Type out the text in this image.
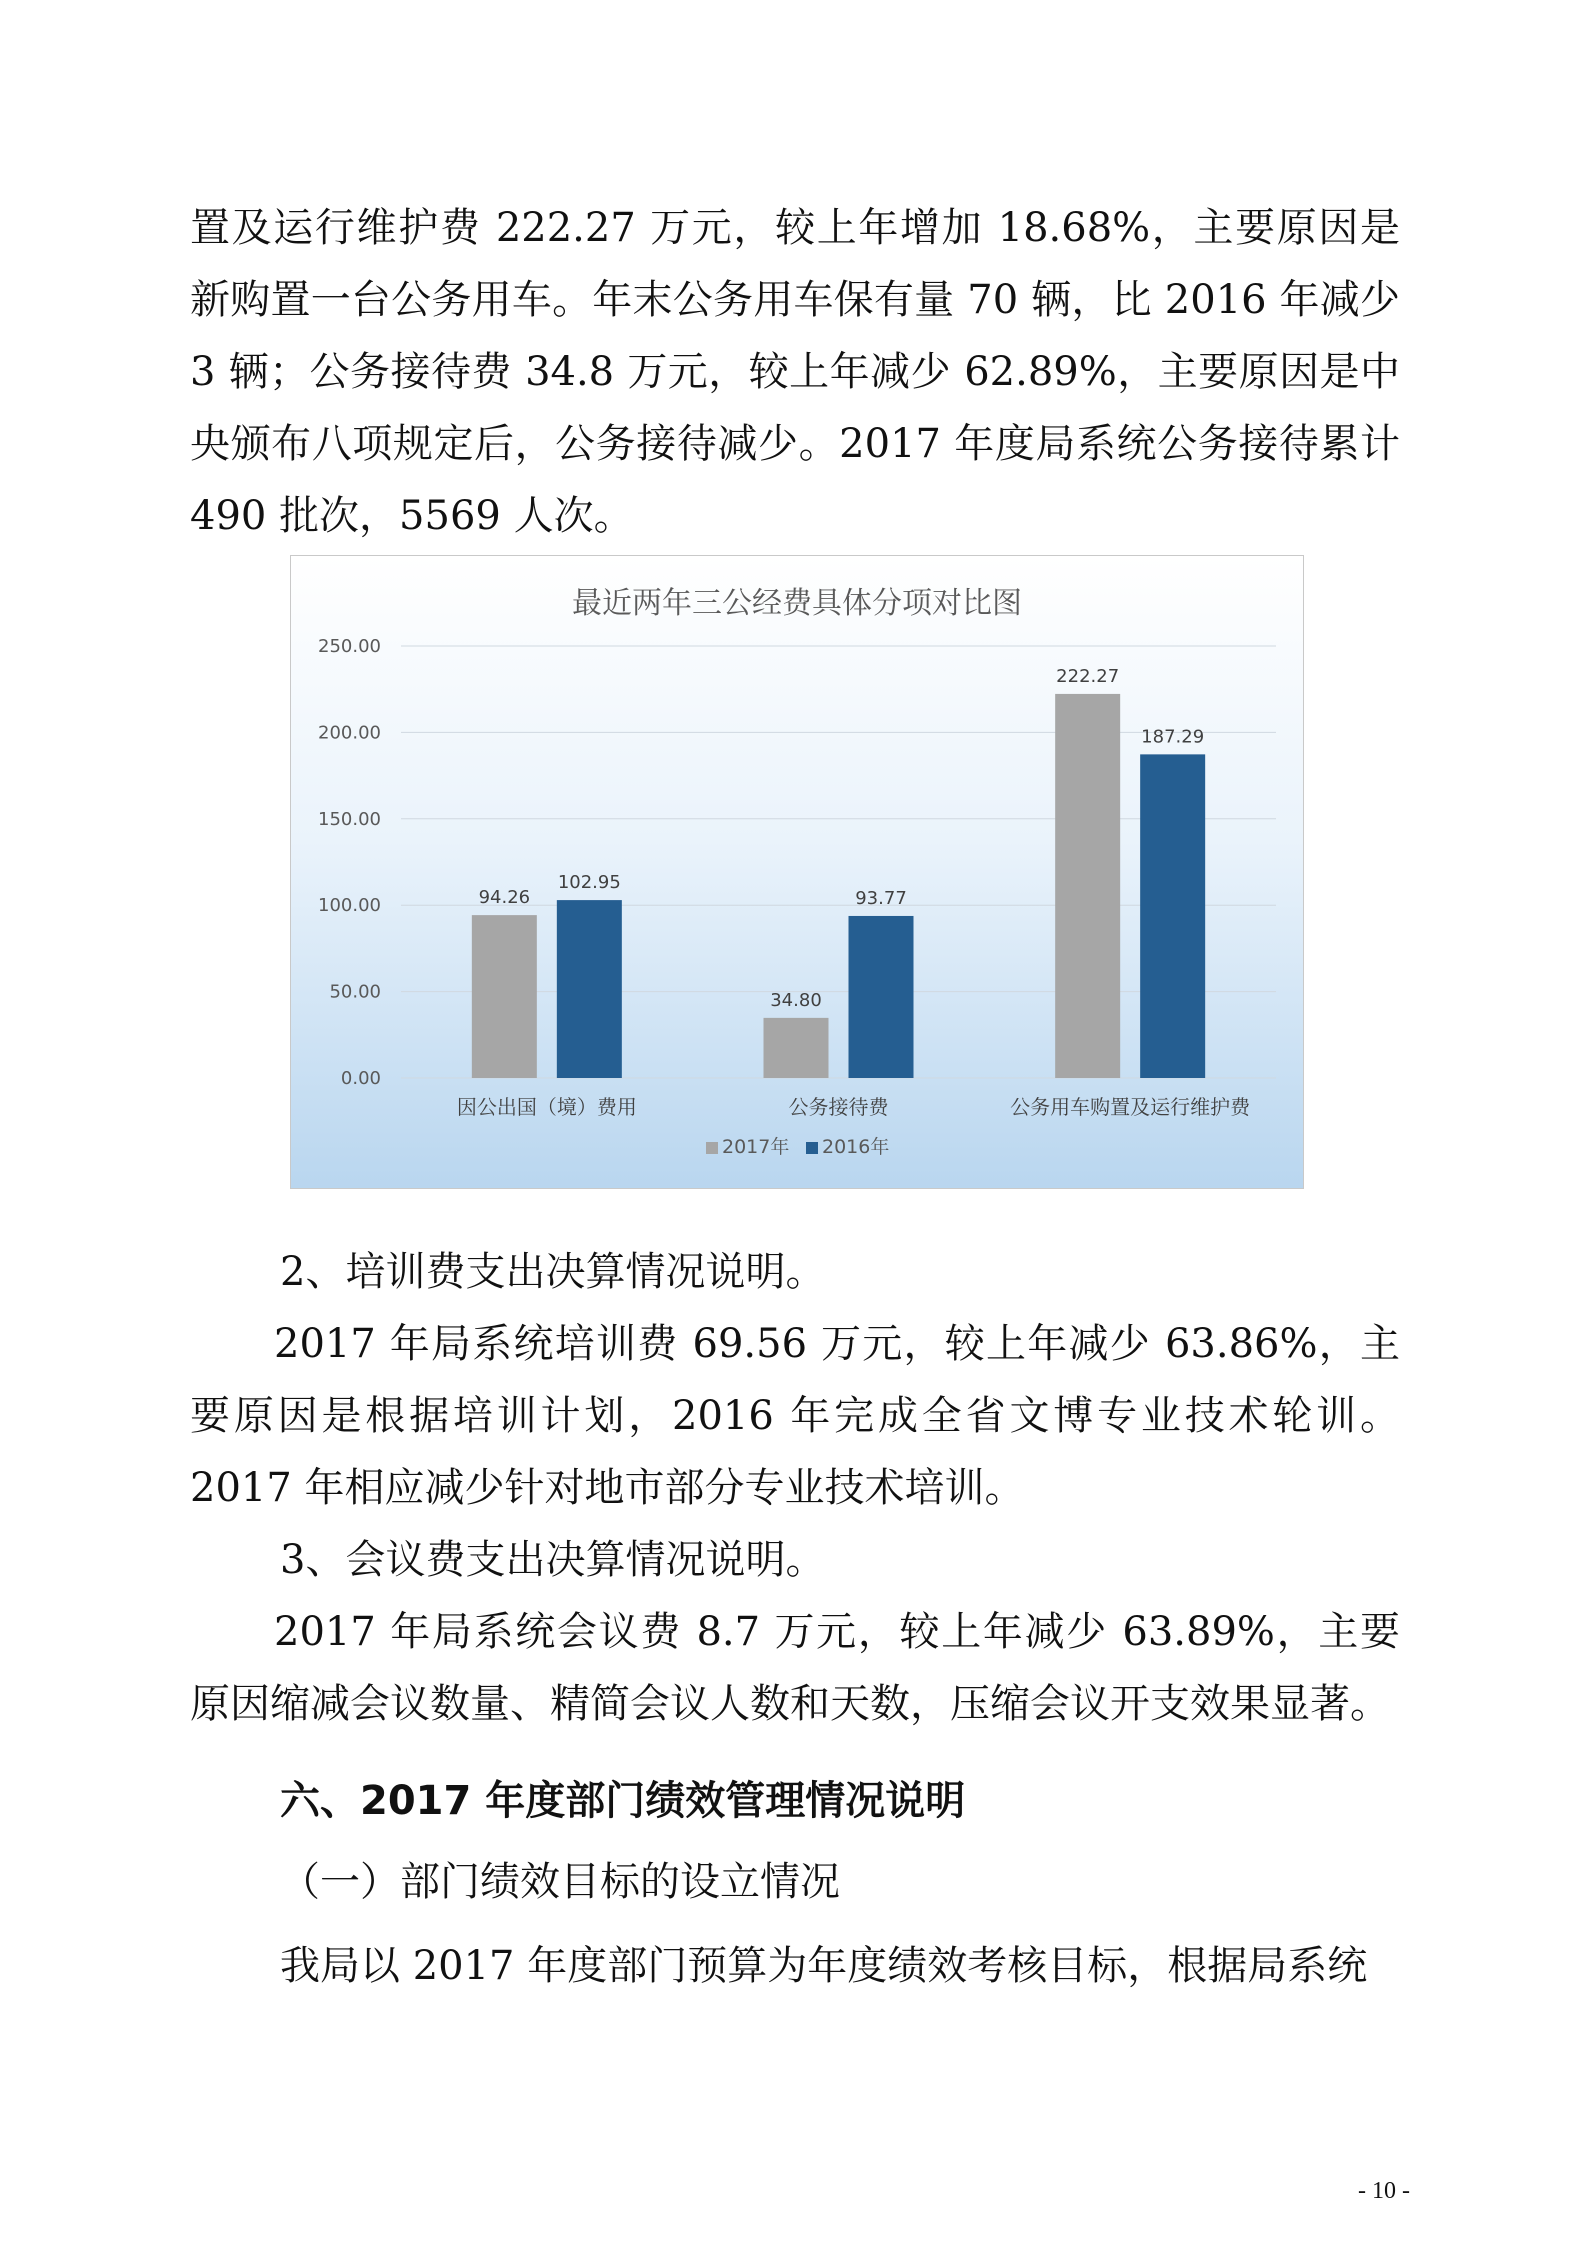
置及运行维护费 222.27 万元，较上年增加 18.68%，主要原因是新购置一台公务用车。年末公务用车保有量 70 辆，比 2016 年减少 3 辆；公务接待费 34.8 万元，较上年减少 62.89%，主要原因是中央颁布八项规定后，公务接待减少。2017 年度局系统公务接待累计 490 批次，5569 人次。

最近两年三公经费具体分项对比图
0.00
50.00
100.00
150.00
200.00
250.00
94.26
102.95
因公出国（境）费用
34.80
93.77
公务接待费
222.27
187.29
公务用车购置及运行维护费
2017年 2016年

2、培训费支出决算情况说明。

2017 年局系统培训费 69.56 万元，较上年减少 63.86%，主要原因是根据培训计划，2016 年完成全省文博专业技术轮训。2017 年相应减少针对地市部分专业技术培训。

3、会议费支出决算情况说明。

2017 年局系统会议费 8.7 万元，较上年减少 63.89%，主要原因缩减会议数量、精简会议人数和天数，压缩会议开支效果显著。

六、2017 年度部门绩效管理情况说明

（一）部门绩效目标的设立情况

我局以 2017 年度部门预算为年度绩效考核目标，根据局系统

- 10 -
